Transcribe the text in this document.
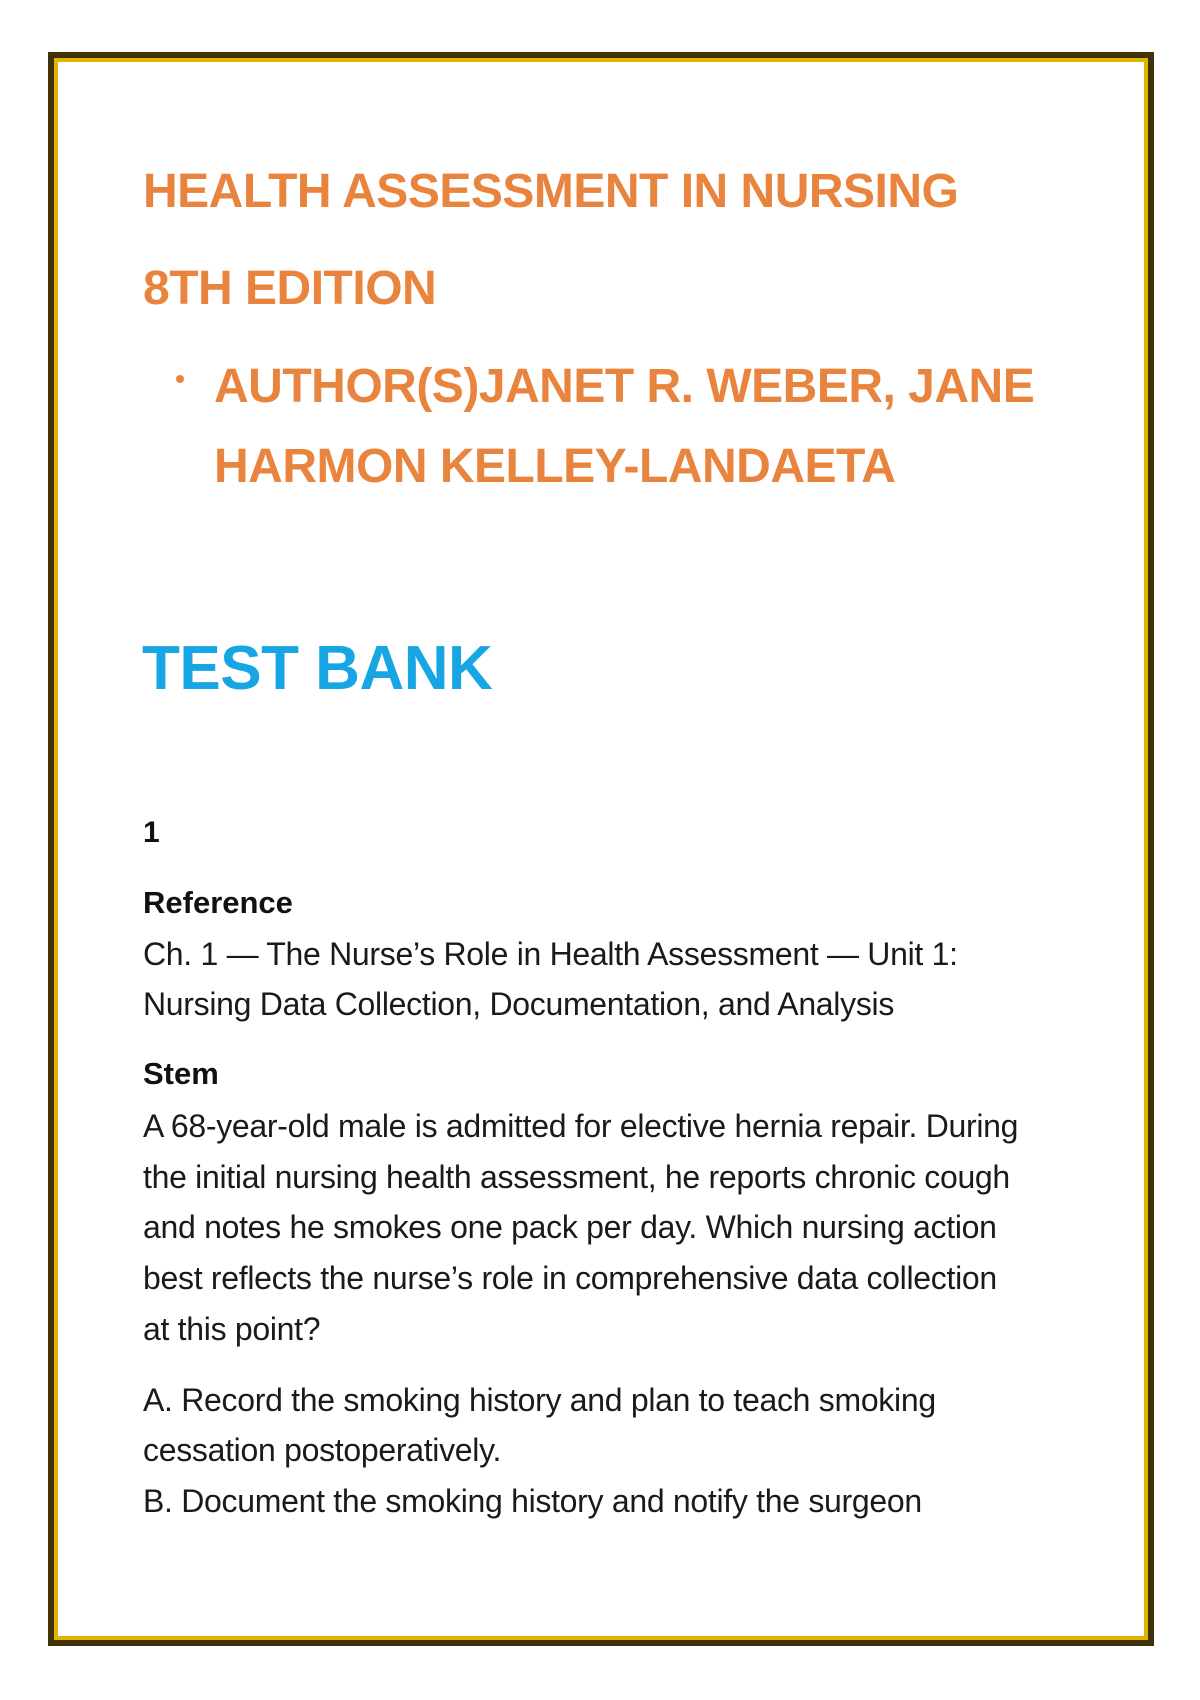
HEALTH ASSESSMENT IN NURSING
8TH EDITION
AUTHOR(S)JANET R. WEBER, JANE
HARMON KELLEY-LANDAETA
TEST BANK
1
Reference
Ch. 1 — The Nurse’s Role in Health Assessment — Unit 1:
Nursing Data Collection, Documentation, and Analysis
Stem
A 68-year-old male is admitted for elective hernia repair. During
the initial nursing health assessment, he reports chronic cough
and notes he smokes one pack per day. Which nursing action
best reflects the nurse’s role in comprehensive data collection
at this point?
A. Record the smoking history and plan to teach smoking
cessation postoperatively.
B. Document the smoking history and notify the surgeon
